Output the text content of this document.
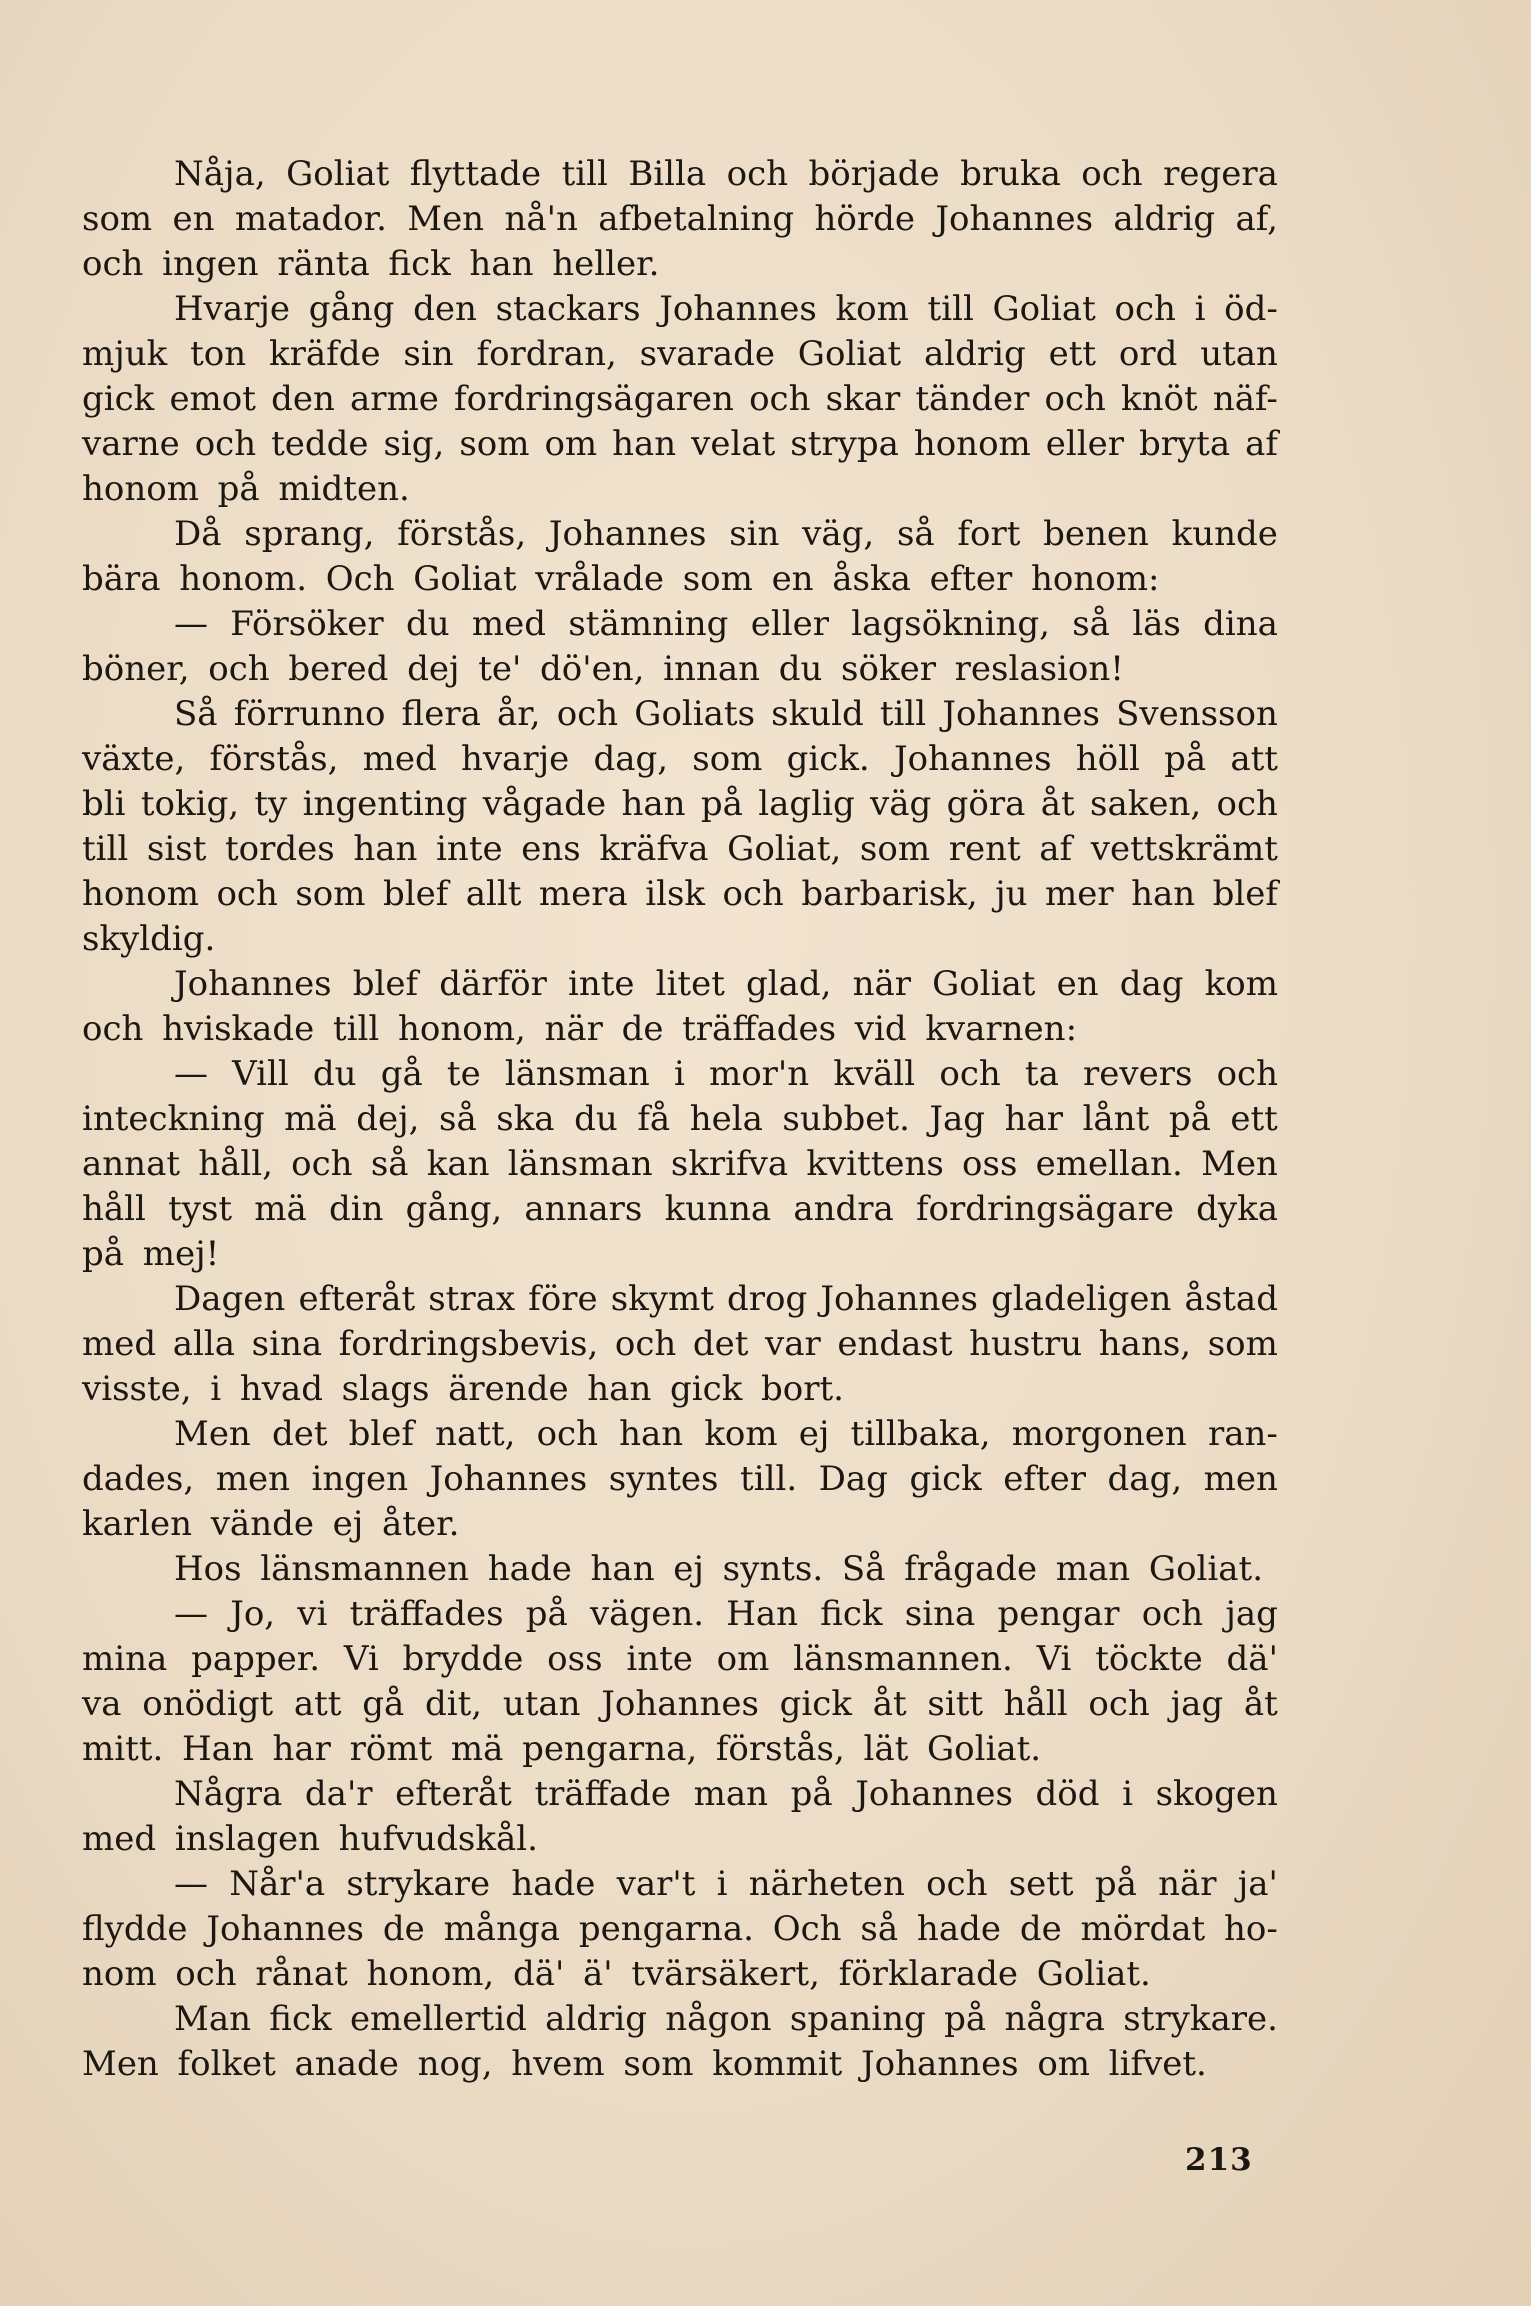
Nåja, Goliat flyttade till Billa och började bruka och regera
som en matador. Men nå'n afbetalning hörde Johannes aldrig af,
och ingen ränta fick han heller.
Hvarje gång den stackars Johannes kom till Goliat och i öd-
mjuk ton kräfde sin fordran, svarade Goliat aldrig ett ord utan
gick emot den arme fordringsägaren och skar tänder och knöt näf-
varne och tedde sig, som om han velat strypa honom eller bryta af
honom på midten.
Då sprang, förstås, Johannes sin väg, så fort benen kunde
bära honom. Och Goliat vrålade som en åska efter honom:
— Försöker du med stämning eller lagsökning, så läs dina
böner, och bered dej te' dö'en, innan du söker reslasion!
Så förrunno flera år, och Goliats skuld till Johannes Svensson
växte, förstås, med hvarje dag, som gick. Johannes höll på att
bli tokig, ty ingenting vågade han på laglig väg göra åt saken, och
till sist tordes han inte ens kräfva Goliat, som rent af vettskrämt
honom och som blef allt mera ilsk och barbarisk, ju mer han blef
skyldig.
Johannes blef därför inte litet glad, när Goliat en dag kom
och hviskade till honom, när de träffades vid kvarnen:
— Vill du gå te länsman i mor'n kväll och ta revers och
inteckning mä dej, så ska du få hela subbet. Jag har lånt på ett
annat håll, och så kan länsman skrifva kvittens oss emellan. Men
håll tyst mä din gång, annars kunna andra fordringsägare dyka
på mej!
Dagen efteråt strax före skymt drog Johannes gladeligen åstad
med alla sina fordringsbevis, och det var endast hustru hans, som
visste, i hvad slags ärende han gick bort.
Men det blef natt, och han kom ej tillbaka, morgonen ran-
dades, men ingen Johannes syntes till. Dag gick efter dag, men
karlen vände ej åter.
Hos länsmannen hade han ej synts. Så frågade man Goliat.
— Jo, vi träffades på vägen. Han fick sina pengar och jag
mina papper. Vi brydde oss inte om länsmannen. Vi töckte dä'
va onödigt att gå dit, utan Johannes gick åt sitt håll och jag åt
mitt. Han har römt mä pengarna, förstås, lät Goliat.
Några da'r efteråt träffade man på Johannes död i skogen
med inslagen hufvudskål.
— Når'a strykare hade var't i närheten och sett på när ja'
flydde Johannes de många pengarna. Och så hade de mördat ho-
nom och rånat honom, dä' ä' tvärsäkert, förklarade Goliat.
Man fick emellertid aldrig någon spaning på några strykare.
Men folket anade nog, hvem som kommit Johannes om lifvet.
213
